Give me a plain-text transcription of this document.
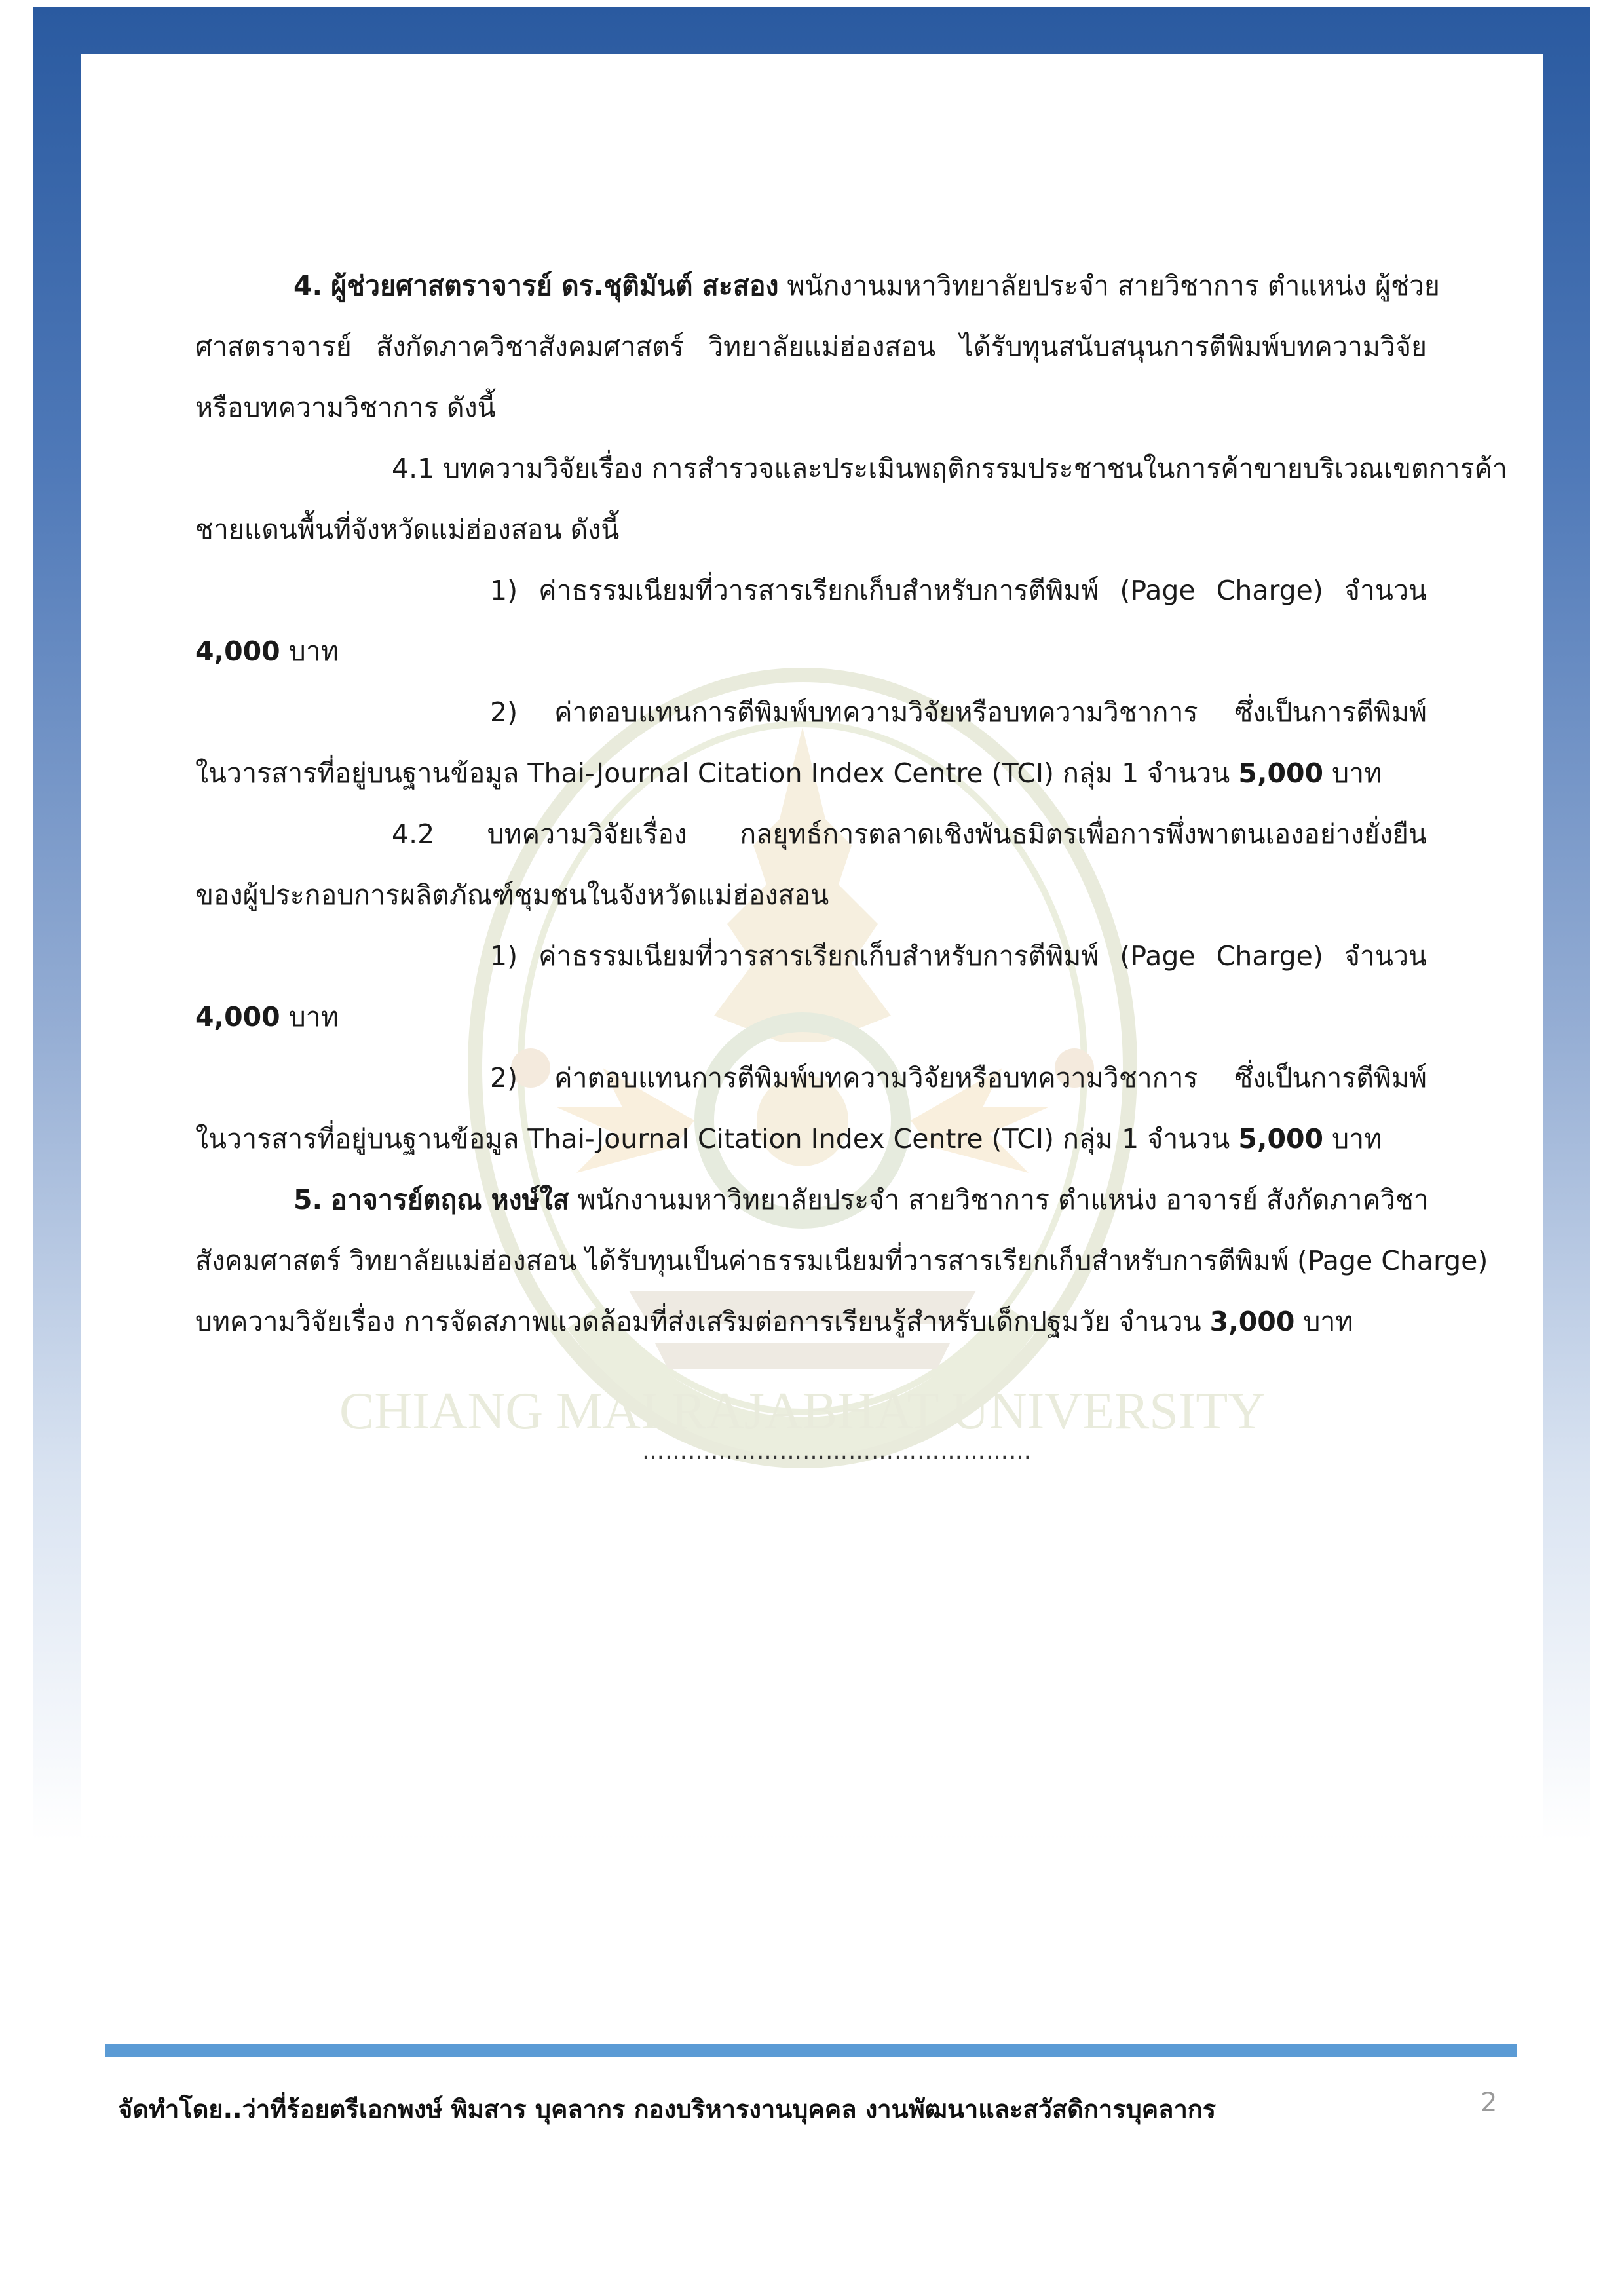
CHIANG MAI RAJABHAT UNIVERSITY
4. ผู้ช่วยศาสตราจารย์ ดร.ชุติมันต์ สะสอง พนักงานมหาวิทยาลัยประจำ สายวิชาการ ตำแหน่ง ผู้ช่วย
ศาสตราจารย์ สังกัดภาควิชาสังคมศาสตร์ วิทยาลัยแม่ฮ่องสอน ได้รับทุนสนับสนุนการตีพิมพ์บทความวิจัย
หรือบทความวิชาการ ดังนี้
4.1 บทความวิจัยเรื่อง การสำรวจและประเมินพฤติกรรมประชาชนในการค้าขายบริเวณเขตการค้า
ชายแดนพื้นที่จังหวัดแม่ฮ่องสอน ดังนี้
1) ค่าธรรมเนียมที่วารสารเรียกเก็บสำหรับการตีพิมพ์ (Page Charge) จำนวน
4,000 บาท
2) ค่าตอบแทนการตีพิมพ์บทความวิจัยหรือบทความวิชาการ ซึ่งเป็นการตีพิมพ์
ในวารสารที่อยู่บนฐานข้อมูล Thai-Journal Citation Index Centre (TCI) กลุ่ม 1 จำนวน 5,000 บาท
4.2 บทความวิจัยเรื่อง กลยุทธ์การตลาดเชิงพันธมิตรเพื่อการพึ่งพาตนเองอย่างยั่งยืน
ของผู้ประกอบการผลิตภัณฑ์ชุมชนในจังหวัดแม่ฮ่องสอน
1) ค่าธรรมเนียมที่วารสารเรียกเก็บสำหรับการตีพิมพ์ (Page Charge) จำนวน
4,000 บาท
2) ค่าตอบแทนการตีพิมพ์บทความวิจัยหรือบทความวิชาการ ซึ่งเป็นการตีพิมพ์
ในวารสารที่อยู่บนฐานข้อมูล Thai-Journal Citation Index Centre (TCI) กลุ่ม 1 จำนวน 5,000 บาท
5. อาจารย์ตฤณ หงษ์ใส พนักงานมหาวิทยาลัยประจำ สายวิชาการ ตำแหน่ง อาจารย์ สังกัดภาควิชา
สังคมศาสตร์ วิทยาลัยแม่ฮ่องสอน ได้รับทุนเป็นค่าธรรมเนียมที่วารสารเรียกเก็บสำหรับการตีพิมพ์ (Page Charge)
บทความวิจัยเรื่อง การจัดสภาพแวดล้อมที่ส่งเสริมต่อการเรียนรู้สำหรับเด็กปฐมวัย จำนวน 3,000 บาท
……………………………………………
จัดทำโดย..ว่าที่ร้อยตรีเอกพงษ์ พิมสาร บุคลากร กองบริหารงานบุคคล งานพัฒนาและสวัสดิการบุคลากร	2
